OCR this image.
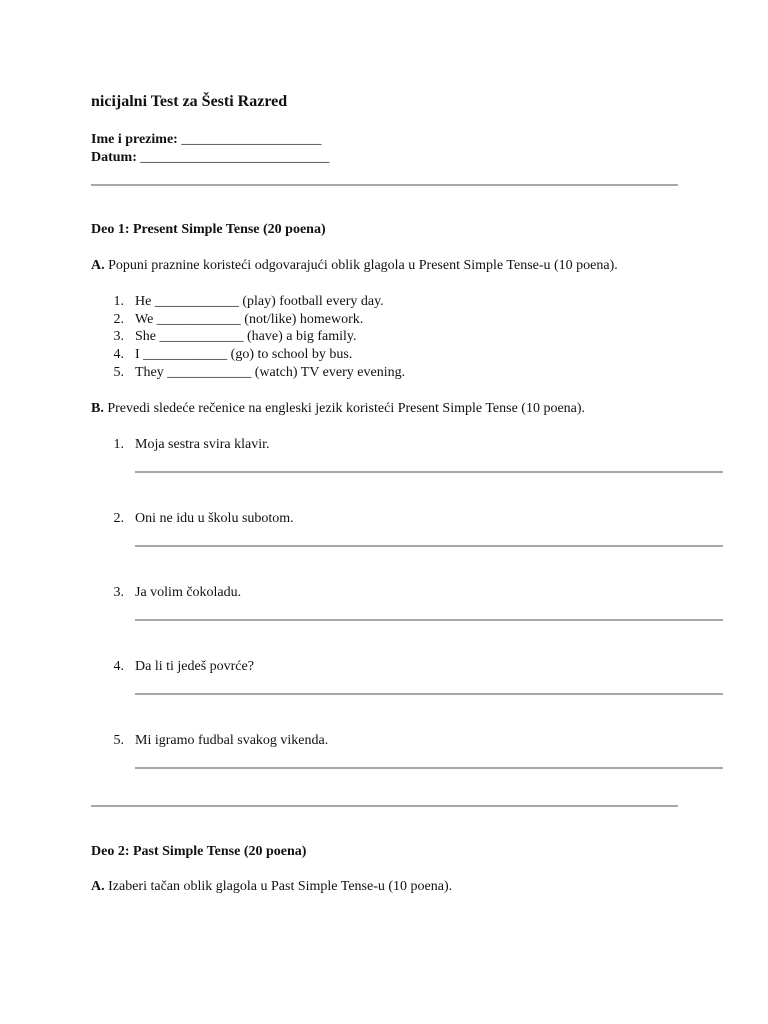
nicijalni Test za Šesti Razred
Ime i prezime: ____________________
Datum: ___________________________
Deo 1: Present Simple Tense (20 poena)
A. Popuni praznine koristeći odgovarajući oblik glagola u Present Simple Tense-u (10 poena).
1. He ____________ (play) football every day.
2. We ____________ (not/like) homework.
3. She ____________ (have) a big family.
4. I ____________ (go) to school by bus.
5. They ____________ (watch) TV every evening.
B. Prevedi sledeće rečenice na engleski jezik koristeći Present Simple Tense (10 poena).
1. Moja sestra svira klavir.
2. Oni ne idu u školu subotom.
3. Ja volim čokoladu.
4. Da li ti jedeš povrće?
5. Mi igramo fudbal svakog vikenda.
Deo 2: Past Simple Tense (20 poena)
A. Izaberi tačan oblik glagola u Past Simple Tense-u (10 poena).
